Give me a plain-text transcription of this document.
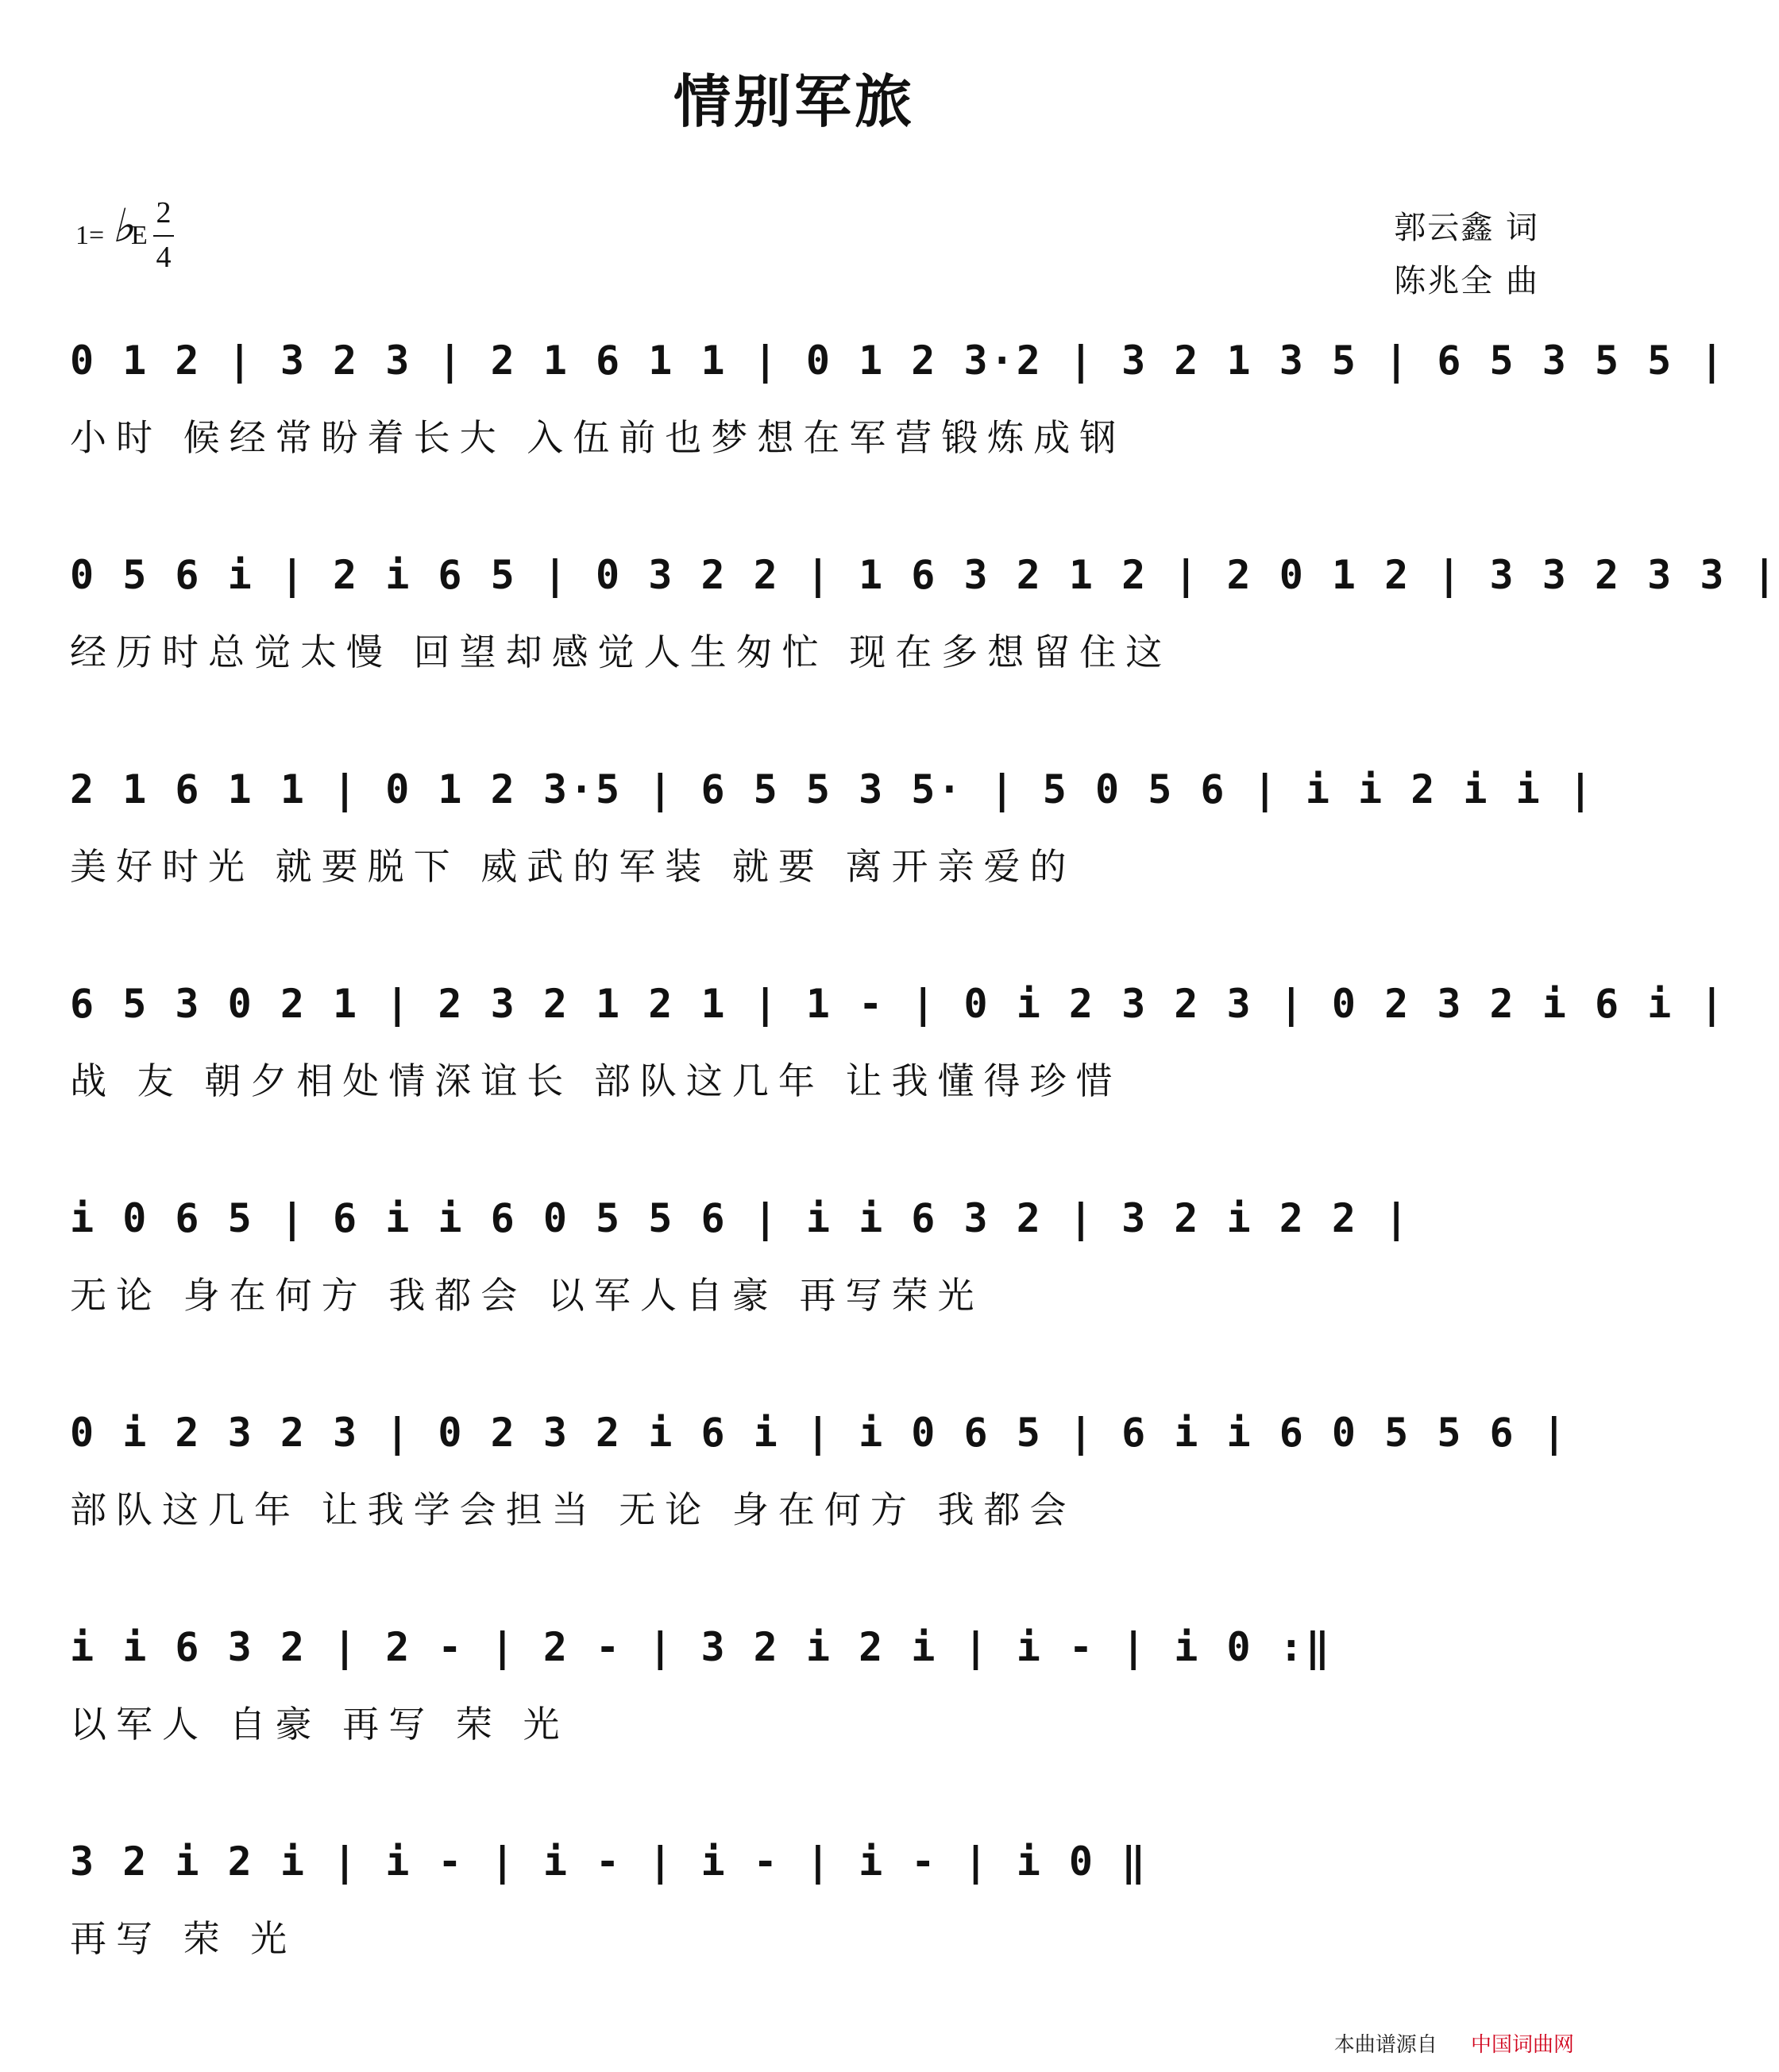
情别军旅
1= ♭
E
2
4
郭云鑫 词
陈兆全 曲
0 1 2 | 3 2 3 | 2 1 6 1 1 | 0 1 2 3·2 | 3 2 1 3 5 | 6 5 3 5 5 |
小时 候经常盼着长大 入伍前也梦想在军营锻炼成钢
0 5 6 i | 2 i 6 5 | 0 3 2 2 | 1 6 3 2 1 2 | 2 0 1 2 | 3 3 2 3 3 |
经历时总觉太慢 回望却感觉人生匆忙 现在多想留住这
2 1 6 1 1 | 0 1 2 3·5 | 6 5 5 3 5· | 5 0 5 6 | i i 2 i i |
美好时光 就要脱下 威武的军装 就要 离开亲爱的
6 5 3 0 2 1 | 2 3 2 1 2 1 | 1 - | 0 i 2 3 2 3 | 0 2 3 2 i 6 i |
战 友 朝夕相处情深谊长 部队这几年 让我懂得珍惜
i 0 6 5 | 6 i i 6 0 5 5 6 | i i 6 3 2 | 3 2 i 2 2 |
无论 身在何方 我都会 以军人自豪 再写荣光
0 i 2 3 2 3 | 0 2 3 2 i 6 i | i 0 6 5 | 6 i i 6 0 5 5 6 |
部队这几年 让我学会担当 无论 身在何方 我都会
i i 6 3 2 | 2 - | 2 - | 3 2 i 2 i | i - | i 0 :‖
以军人 自豪 再写 荣 光
3 2 i 2 i | i - | i - | i - | i - | i 0 ‖
再写 荣 光
本曲谱源自 中国词曲网
